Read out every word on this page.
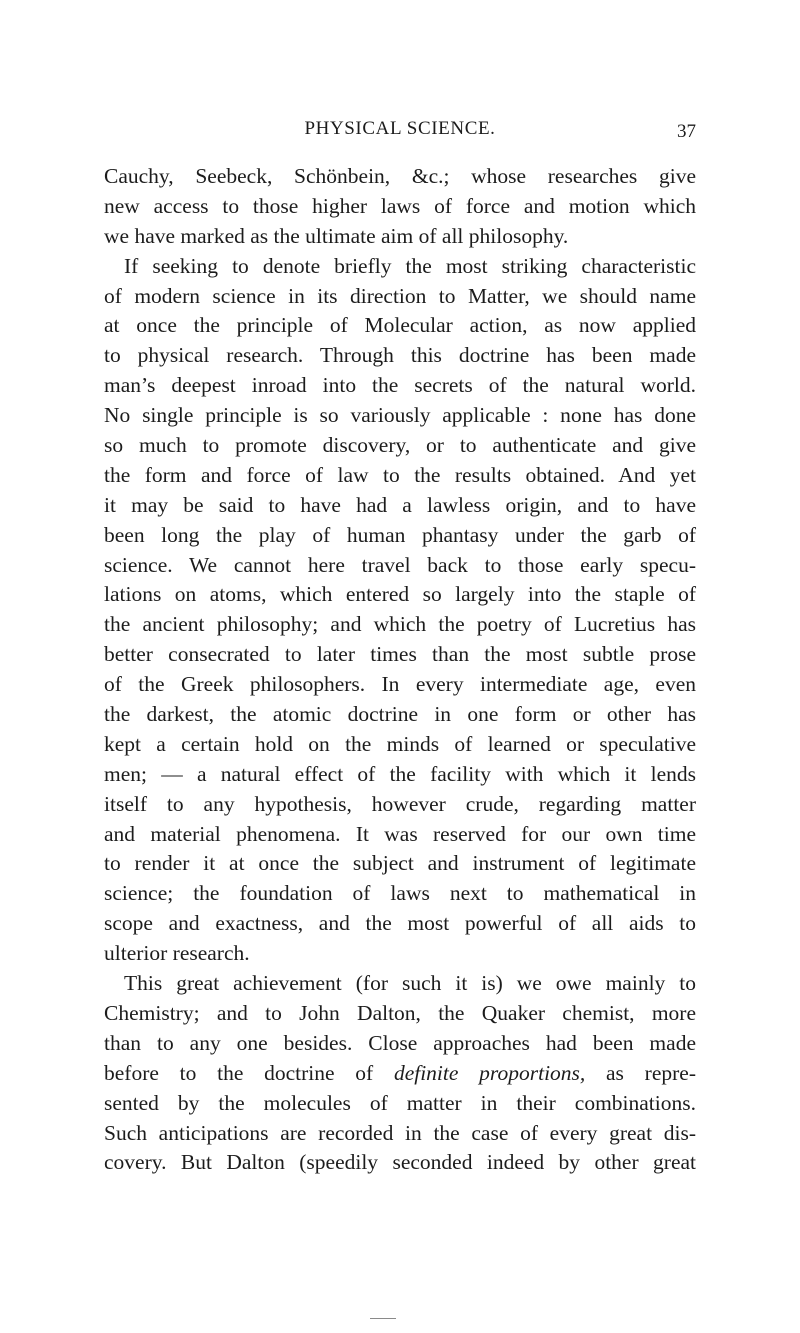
PHYSICAL SCIENCE.	37
Cauchy, Seebeck, Schönbein, &c.; whose researches give
new access to those higher laws of force and motion which
we have marked as the ultimate aim of all philosophy.
If seeking to denote briefly the most striking characteristic
of modern science in its direction to Matter, we should name
at once the principle of Molecular action, as now applied
to physical research. Through this doctrine has been made
man’s deepest inroad into the secrets of the natural world.
No single principle is so variously applicable : none has done
so much to promote discovery, or to authenticate and give
the form and force of law to the results obtained. And yet
it may be said to have had a lawless origin, and to have
been long the play of human phantasy under the garb of
science. We cannot here travel back to those early specu-
lations on atoms, which entered so largely into the staple of
the ancient philosophy; and which the poetry of Lucretius has
better consecrated to later times than the most subtle prose
of the Greek philosophers. In every intermediate age, even
the darkest, the atomic doctrine in one form or other has
kept a certain hold on the minds of learned or speculative
men; — a natural effect of the facility with which it lends
itself to any hypothesis, however crude, regarding matter
and material phenomena. It was reserved for our own time
to render it at once the subject and instrument of legitimate
science; the foundation of laws next to mathematical in
scope and exactness, and the most powerful of all aids to
ulterior research.
This great achievement (for such it is) we owe mainly to
Chemistry; and to John Dalton, the Quaker chemist, more
than to any one besides. Close approaches had been made
before to the doctrine of definite proportions, as repre-
sented by the molecules of matter in their combinations.
Such anticipations are recorded in the case of every great dis-
covery. But Dalton (speedily seconded indeed by other great
